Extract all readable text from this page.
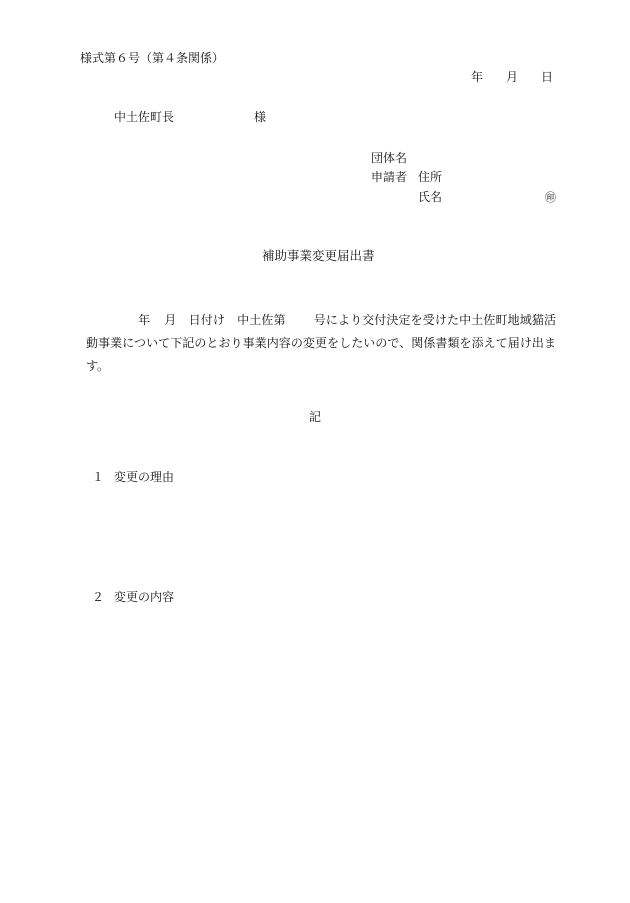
様式第６号（第４条関係）
年 月 日
中土佐町長	様
団体名
申請者 住所
氏名	㊞
補助事業変更届出書
年 月 日付け 中土佐第 号により交付決定を受けた中土佐町地域猫活動事業について下記のとおり事業内容の変更をしたいので、関係書類を添えて届け出ます。
記
１ 変更の理由
２ 変更の内容
